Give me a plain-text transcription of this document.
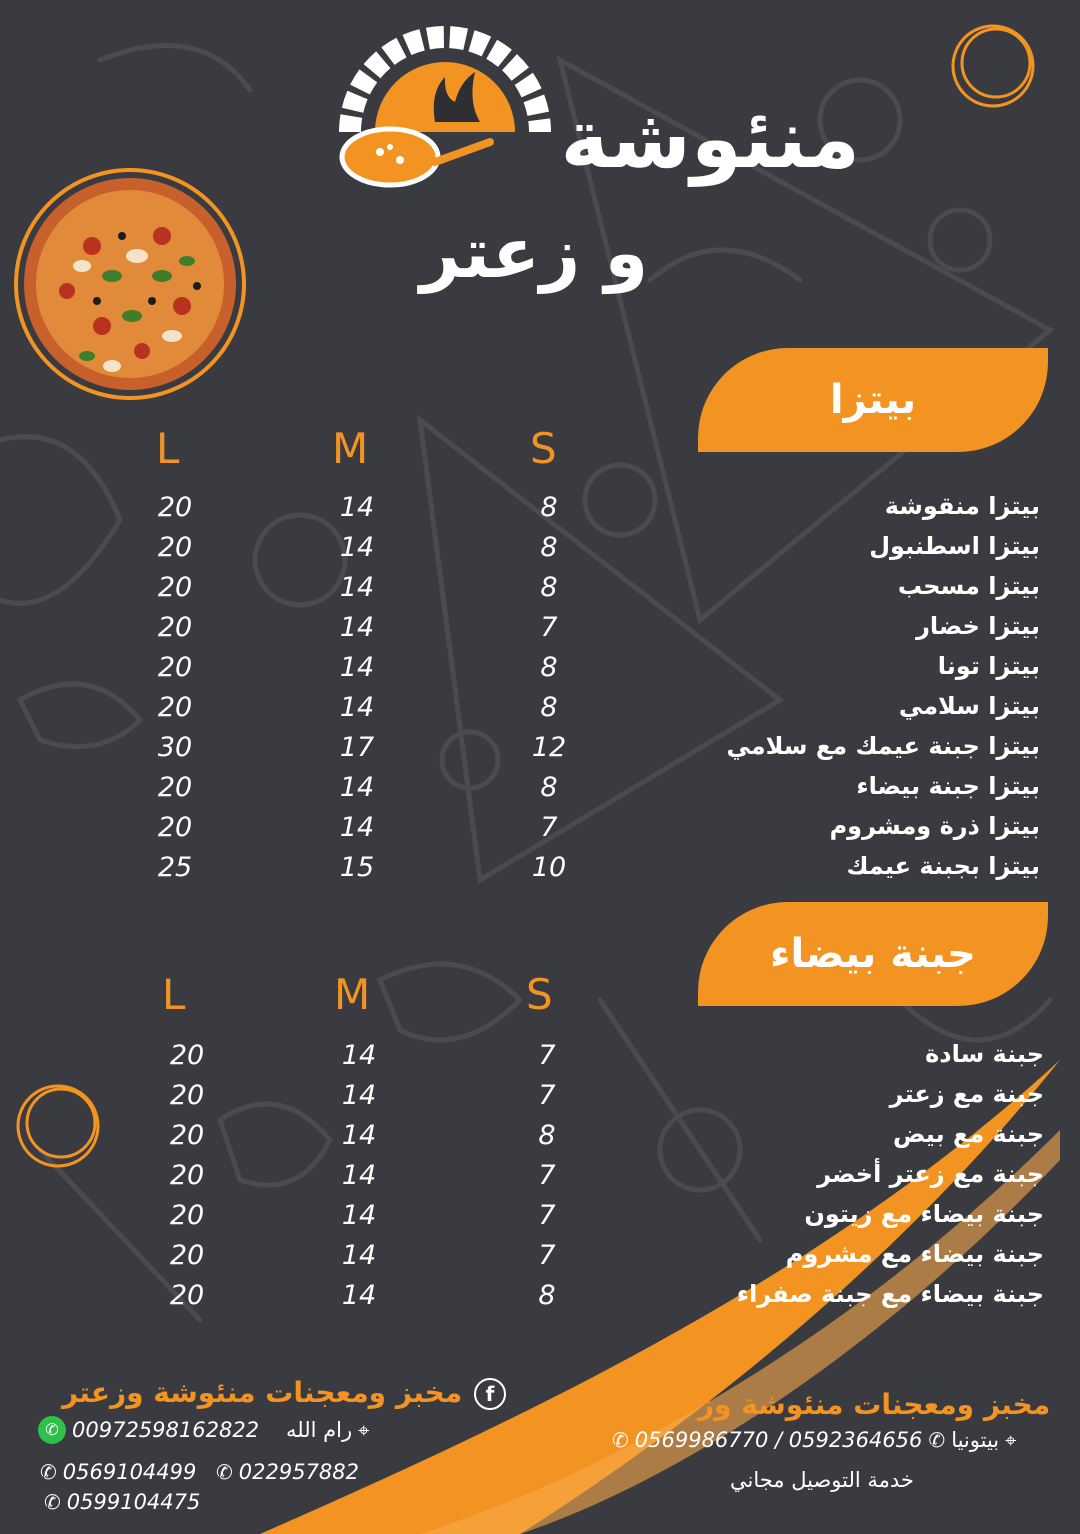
منئوشة
و زعتر
بيتزا
L	M	S
20	14	8	بيتزا منقوشة
20	14	8	بيتزا اسطنبول
20	14	8	بيتزا مسحب
20	14	7	بيتزا خضار
20	14	8	بيتزا تونا
20	14	8	بيتزا سلامي
30	17	12	بيتزا جبنة عيمك مع سلامي
20	14	8	بيتزا جبنة بيضاء
20	14	7	بيتزا ذرة ومشروم
25	15	10	بيتزا بجبنة عيمك
جبنة بيضاء
L	M	S
20	14	7	جبنة سادة
20	14	7	جبنة مع زعتر
20	14	8	جبنة مع بيض
20	14	7	جبنة مع زعتر أخضر
20	14	7	جبنة بيضاء مع زيتون
20	14	7	جبنة بيضاء مع مشروم
20	14	8	جبنة بيضاء مع جبنة صفراء
مخبز ومعجنات منئوشة وزعتر	f
✆ 00972598162822	⌖
رام الله
✆ 0569104499 ✆ 022957882
✆ 0599104475
مخبز ومعجنات منئوشة وزعتر
✆ 0569986770 / 0592364656 ✆ بيتونيا ⌖
خدمة التوصيل مجاني
